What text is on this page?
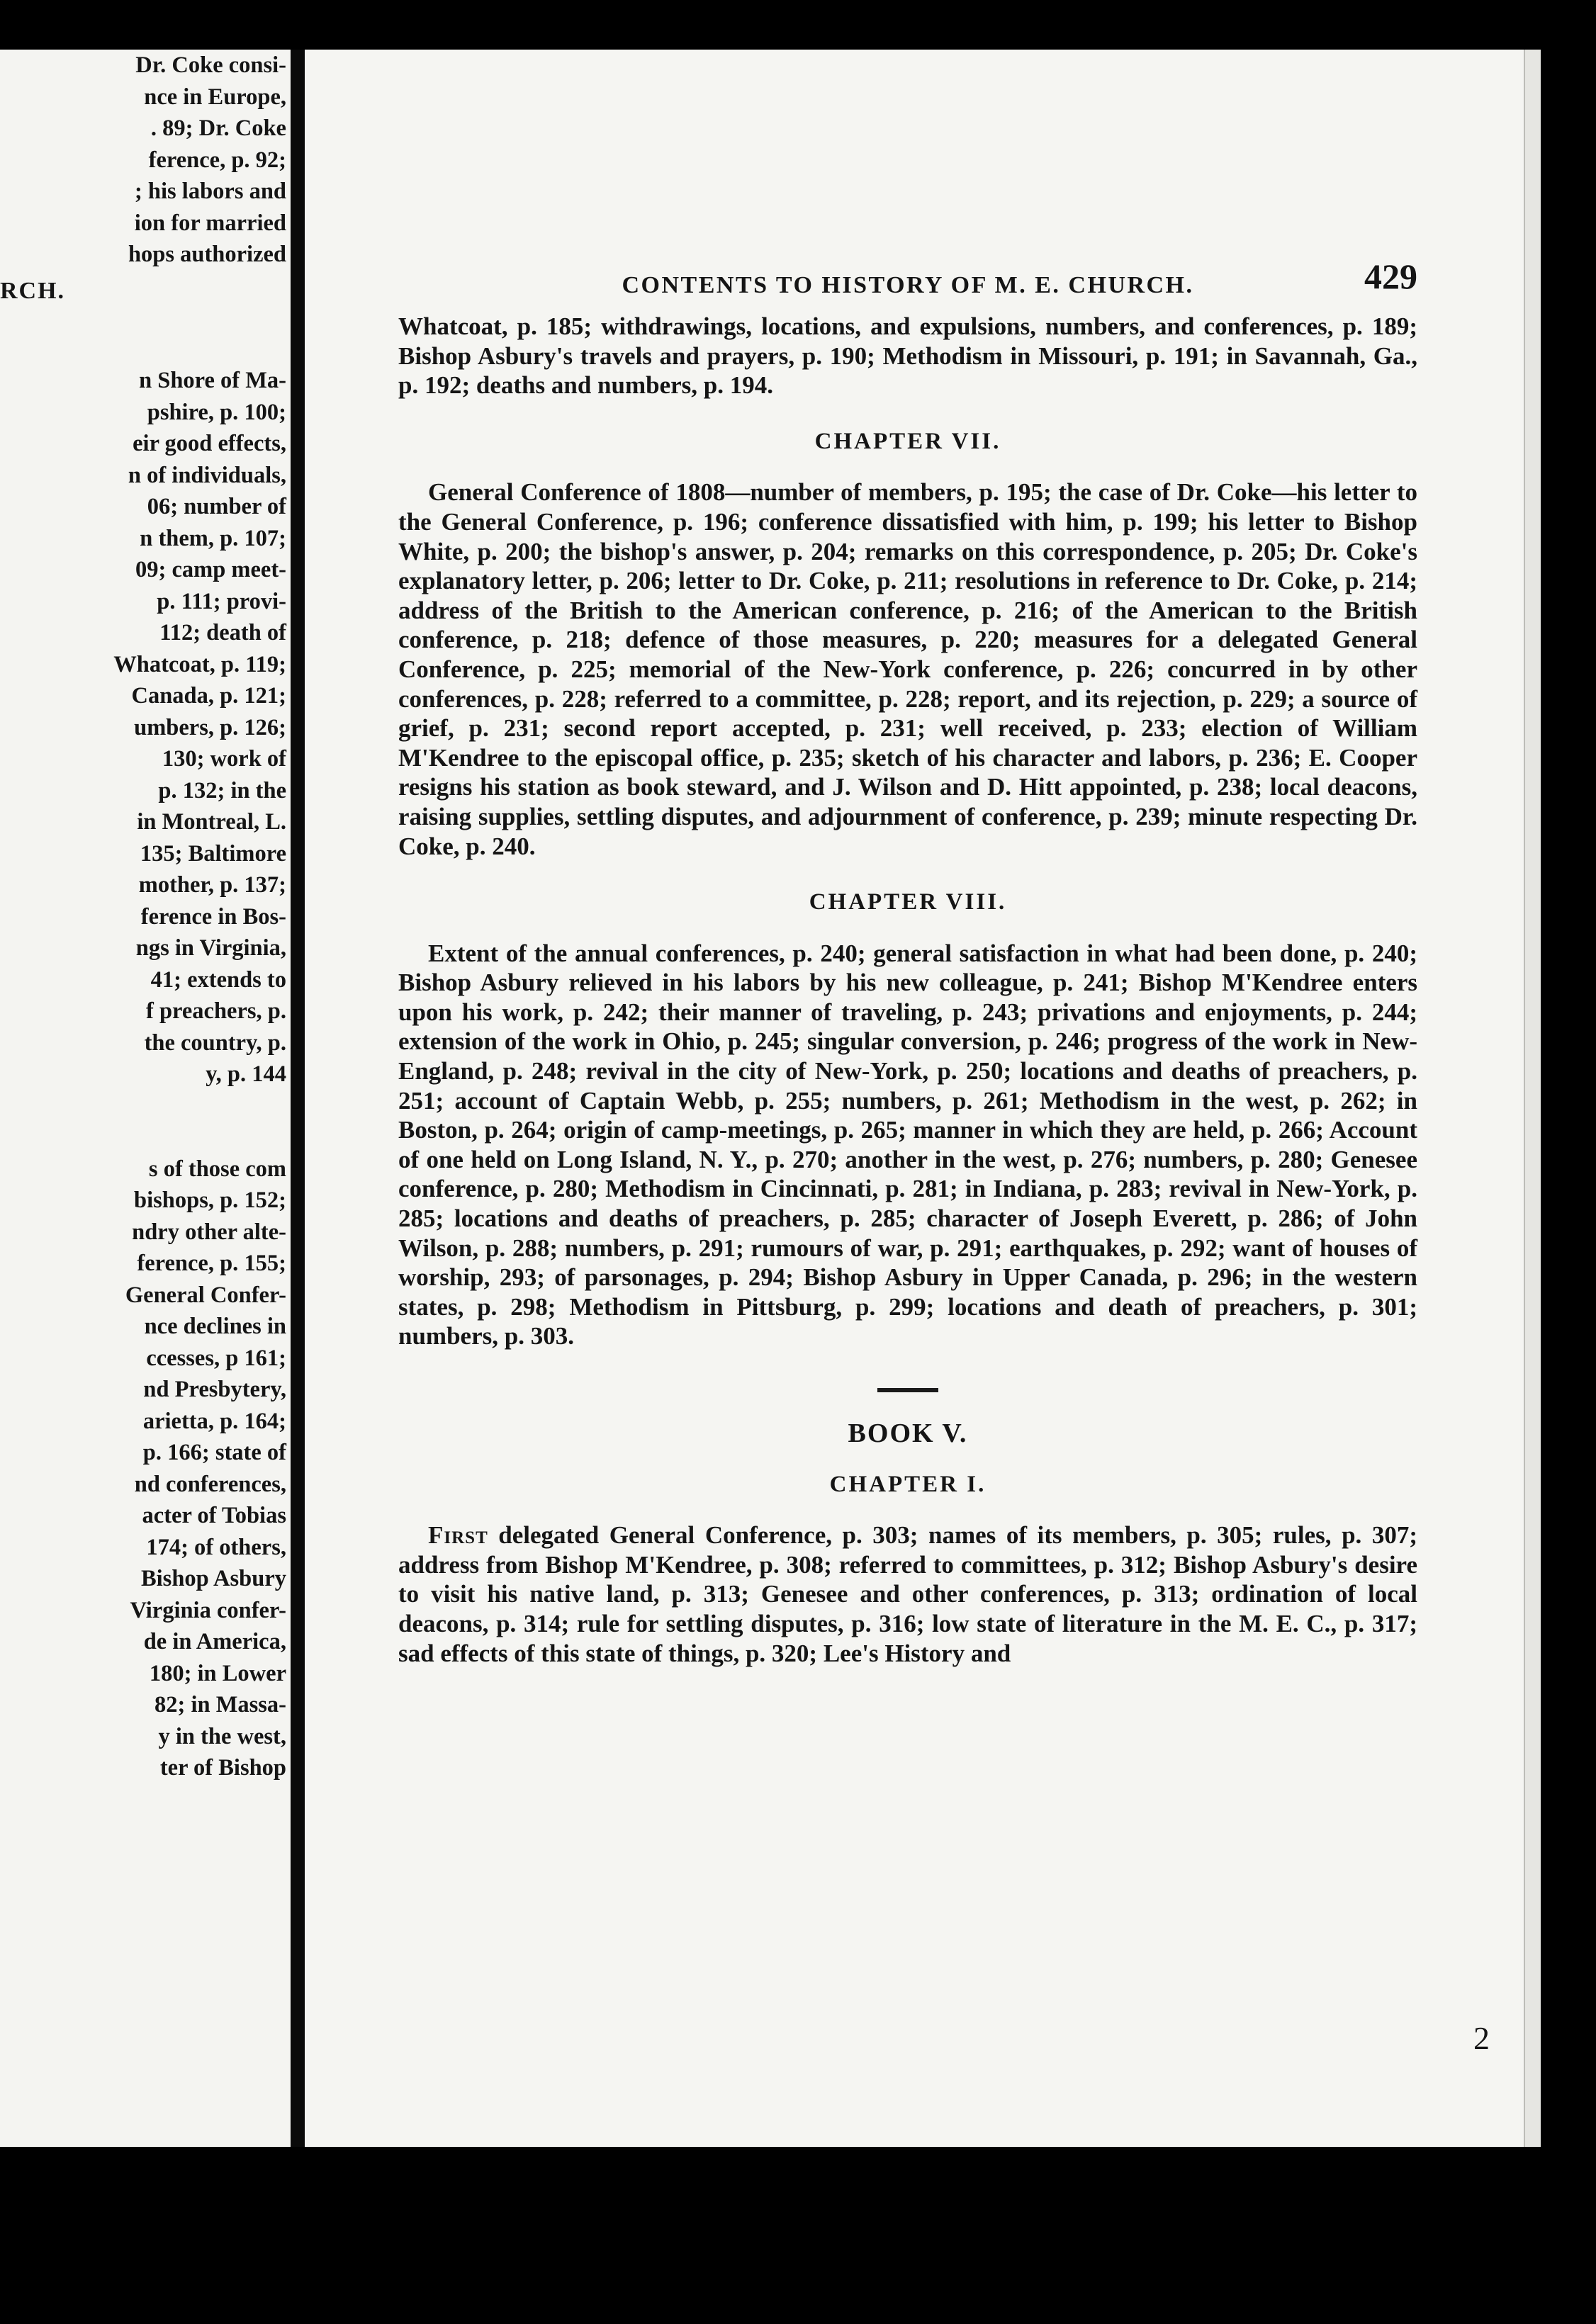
RCH.
Dr. Coke consi-
nce in Europe,
. 89; Dr. Coke
ference, p. 92;
; his labors and
ion for married
hops authorized
n Shore of Ma-
pshire, p. 100;
eir good effects,
n of individuals,
06; number of
n them, p. 107;
09; camp meet-
p. 111; provi-
112; death of
Whatcoat, p. 119;
Canada, p. 121;
umbers, p. 126;
130; work of
p. 132; in the
in Montreal, L.
135; Baltimore
mother, p. 137;
ference in Bos-
ngs in Virginia,
41; extends to
f preachers, p.
the country, p.
y, p. 144
s of those com
bishops, p. 152;
ndry other alte-
ference, p. 155;
General Confer-
nce declines in
ccesses, p 161;
nd Presbytery,
arietta, p. 164;
p. 166; state of
nd conferences,
acter of Tobias
174; of others,
Bishop Asbury
Virginia confer-
de in America,
180; in Lower
82; in Massa-
y in the west,
ter of Bishop
CONTENTS TO HISTORY OF M. E. CHURCH.	429

Whatcoat, p. 185; withdrawings, locations, and expulsions, numbers, and conferences, p. 189; Bishop Asbury's travels and prayers, p. 190; Methodism in Missouri, p. 191; in Savannah, Ga., p. 192; deaths and numbers, p. 194.

CHAPTER VII.

General Conference of 1808—number of members, p. 195; the case of Dr. Coke—his letter to the General Conference, p. 196; conference dissatisfied with him, p. 199; his letter to Bishop White, p. 200; the bishop's answer, p. 204; remarks on this correspondence, p. 205; Dr. Coke's explanatory letter, p. 206; letter to Dr. Coke, p. 211; resolutions in reference to Dr. Coke, p. 214; address of the British to the American conference, p. 216; of the American to the British conference, p. 218; defence of those measures, p. 220; measures for a delegated General Conference, p. 225; memorial of the New-York conference, p. 226; concurred in by other conferences, p. 228; referred to a committee, p. 228; report, and its rejection, p. 229; a source of grief, p. 231; second report accepted, p. 231; well received, p. 233; election of William M'Kendree to the episcopal office, p. 235; sketch of his character and labors, p. 236; E. Cooper resigns his station as book steward, and J. Wilson and D. Hitt appointed, p. 238; local deacons, raising supplies, settling disputes, and adjournment of conference, p. 239; minute respecting Dr. Coke, p. 240.

CHAPTER VIII.

Extent of the annual conferences, p. 240; general satisfaction in what had been done, p. 240; Bishop Asbury relieved in his labors by his new colleague, p. 241; Bishop M'Kendree enters upon his work, p. 242; their manner of traveling, p. 243; privations and enjoyments, p. 244; extension of the work in Ohio, p. 245; singular conversion, p. 246; progress of the work in New-England, p. 248; revival in the city of New-York, p. 250; locations and deaths of preachers, p. 251; account of Captain Webb, p. 255; numbers, p. 261; Methodism in the west, p. 262; in Boston, p. 264; origin of camp-meetings, p. 265; manner in which they are held, p. 266; Account of one held on Long Island, N. Y., p. 270; another in the west, p. 276; numbers, p. 280; Genesee conference, p. 280; Methodism in Cincinnati, p. 281; in Indiana, p. 283; revival in New-York, p. 285; locations and deaths of preachers, p. 285; character of Joseph Everett, p. 286; of John Wilson, p. 288; numbers, p. 291; rumours of war, p. 291; earthquakes, p. 292; want of houses of worship, 293; of parsonages, p. 294; Bishop Asbury in Upper Canada, p. 296; in the western states, p. 298; Methodism in Pittsburg, p. 299; locations and death of preachers, p. 301; numbers, p. 303.

BOOK V.
CHAPTER I.

First delegated General Conference, p. 303; names of its members, p. 305; rules, p. 307; address from Bishop M'Kendree, p. 308; referred to committees, p. 312; Bishop Asbury's desire to visit his native land, p. 313; Genesee and other conferences, p. 313; ordination of local deacons, p. 314; rule for settling disputes, p. 316; low state of literature in the M. E. C., p. 317; sad effects of this state of things, p. 320; Lee's History and

2
